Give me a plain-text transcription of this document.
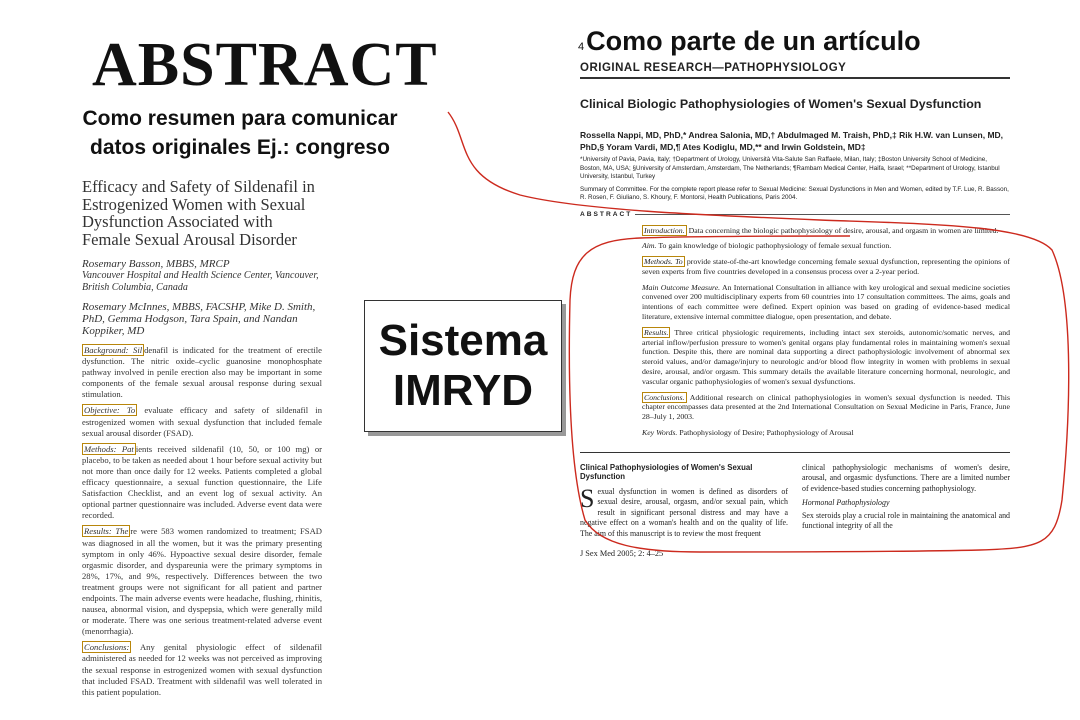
ABSTRACT
Como resumen para comunicar
datos originales Ej.: congreso
4Como parte de un artículo
Efficacy and Safety of Sildenafil in Estrogenized Women with Sexual Dysfunction Associated with Female Sexual Arousal Disorder
Rosemary Basson, MBBS, MRCP
Vancouver Hospital and Health Science Center, Vancouver, British Columbia, Canada
Rosemary McInnes, MBBS, FACSHP, Mike D. Smith, PhD, Gemma Hodgson, Tara Spain, and Nandan Koppiker, MD

Background: Sil denafil is indicated for the treatment of erectile dysfunction. The nitric oxide–cyclic guanosine monophosphate pathway involved in penile erection also may be important in some components of the female sexual arousal response during sexual stimulation.

Objective: To evaluate efficacy and safety of sildenafil in estrogenized women with sexual dysfunction that included female sexual arousal disorder (FSAD).

Methods: Pat ients received sildenafil (10, 50, or 100 mg) or placebo, to be taken as needed about 1 hour before sexual activity but not more than once daily for 12 weeks. Patients completed a global efficacy questionnaire, a sexual function questionnaire, the Life Satisfaction Checklist, and an event log of sexual activity. An optional partner questionnaire was included. Adverse event data were recorded.

Results: The re were 583 women randomized to treatment; FSAD was diagnosed in all the women, but it was the primary presenting symptom in only 46%. Hypoactive sexual desire disorder, female orgasmic disorder, and dyspareunia were the primary symptoms in 28%, 17%, and 9%, respectively. Differences between the two treatment groups were not significant for all patient and partner endpoints. The main adverse events were headache, flushing, rhinitis, nausea, abnormal vision, and dyspepsia, which were generally mild or moderate. There was one serious treatment-related adverse event (menorrhagia).

Conclusions: Any genital physiologic effect of sildenafil administered as needed for 12 weeks was not perceived as improving the sexual response in estrogenized women with sexual dysfunction that included FSAD. Treatment with sildenafil was well tolerated in this patient population.

ORIGINAL RESEARCH—PATHOPHYSIOLOGY
Clinical Biologic Pathophysiologies of Women's Sexual Dysfunction
Rossella Nappi, MD, PhD,* Andrea Salonia, MD,† Abdulmaged M. Traish, PhD,‡ Rik H.W. van Lunsen, MD, PhD,§ Yoram Vardi, MD,¶ Ates Kodiglu, MD,** and Irwin Goldstein, MD‡
*University of Pavia, Pavia, Italy; †Department of Urology, Università Vita-Salute San Raffaele, Milan, Italy; ‡Boston University School of Medicine, Boston, MA, USA; §University of Amsterdam, Amsterdam, The Netherlands; ¶Rambam Medical Center, Haifa, Israel; **Department of Urology, Istanbul University, Istanbul, Turkey
Summary of Committee. For the complete report please refer to Sexual Medicine: Sexual Dysfunctions in Men and Women, edited by T.F. Lue, R. Basson, R. Rosen, F. Giuliano, S. Khoury, F. Montorsi, Health Publications, Paris 2004.
ABSTRACT

Introduction. Data concerning the biologic pathophysiology of desire, arousal, and orgasm in women are limited.

Aim. To gain knowledge of biologic pathophysiology of female sexual function.

Methods. To provide state-of-the-art knowledge concerning female sexual dysfunction, representing the opinions of seven experts from five countries developed in a consensus process over a 2-year period.

Main Outcome Measure. An International Consultation in alliance with key urological and sexual medicine societies convened over 200 multidisciplinary experts from 60 countries into 17 consultation committees. The aims, goals and intentions of each committee were defined. Expert opinion was based on grading of evidence-based medical literature, extensive internal committee dialogue, open presentation, and debate.

Results. Three critical physiologic requirements, including intact sex steroids, autonomic/somatic nerves, and arterial inflow/perfusion pressure to women's genital organs play fundamental roles in maintaining women's sexual function. Despite this, there are nominal data supporting a direct pathophysiologic involvement of abnormal sex steroid values, and/or damage/injury to neurologic and/or blood flow integrity in women with problems in sexual desire, arousal, and/or orgasm. This summary details the available literature concerning hormonal, neurologic, and vascular organic pathophysiologies of women's sexual dysfunctions.

Conclusions. Additional research on clinical pathophysiologies in women's sexual dysfunction is needed. This chapter encompasses data presented at the 2nd International Consultation on Sexual Medicine in Paris, France, June 28–July 1, 2003.

Key Words. Pathophysiology of Desire; Pathophysiology of Arousal

Clinical Pathophysiologies of Women's Sexual Dysfunction

Sexual dysfunction in women is defined as disorders of sexual desire, arousal, orgasm, and/or sexual pain, which result in significant personal distress and may have a negative effect on a woman's health and on the quality of life. The aim of this manuscript is to review the most frequent

clinical pathophysiologic mechanisms of women's desire, arousal, and orgasmic dysfunctions. There are a limited number of evidence-based studies concerning pathophysiology.

Hormonal Pathophysiology

Sex steroids play a crucial role in maintaining the anatomical and functional integrity of all the

J Sex Med 2005; 2: 4–25
Sistema
IMRYD
